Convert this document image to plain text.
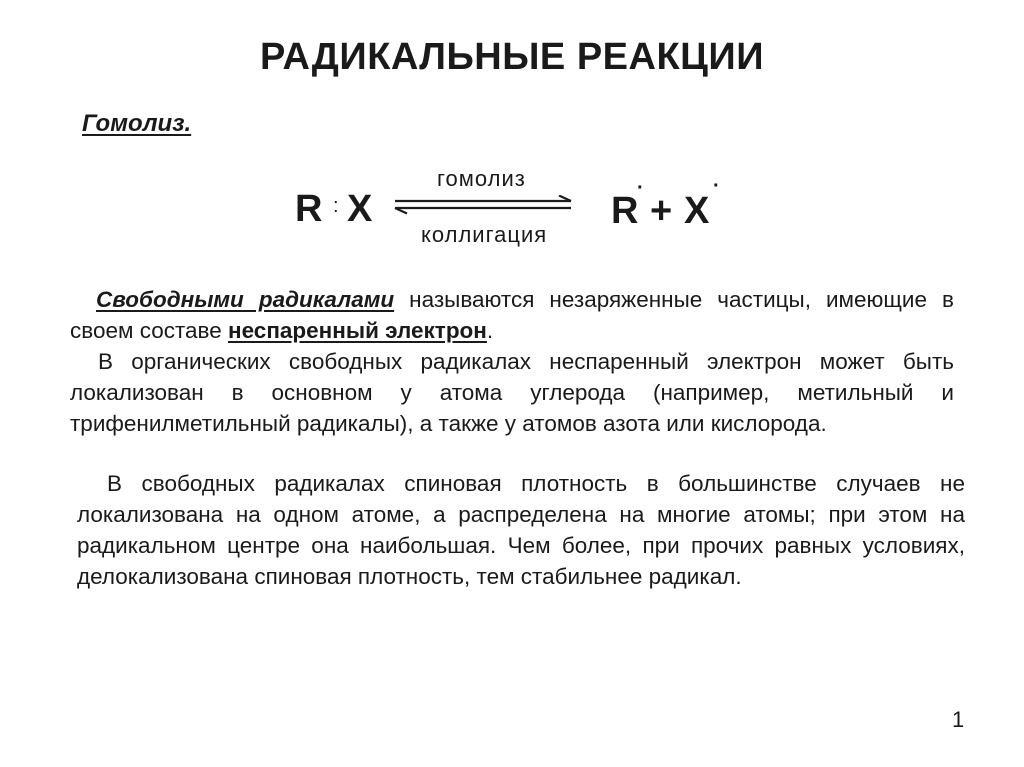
РАДИКАЛЬНЫЕ РЕАКЦИИ
Гомолиз.
R : X
гомолиз
коллигация
R
·
+ X
·
Свободными радикалами называются незаряженные частицы, имеющие в своем составе неспаренный электрон.
В органических свободных радикалах неспаренный электрон может быть локализован в основном у атома углерода (например, метильный и трифенилметильный радикалы), а также у атомов азота или кислорода.
В свободных радикалах спиновая плотность в большинстве случаев не локализована на одном атоме, а распределена на многие атомы; при этом на радикальном центре она наибольшая. Чем более, при прочих равных условиях, делокализована спиновая плотность, тем стабильнее радикал.
1
